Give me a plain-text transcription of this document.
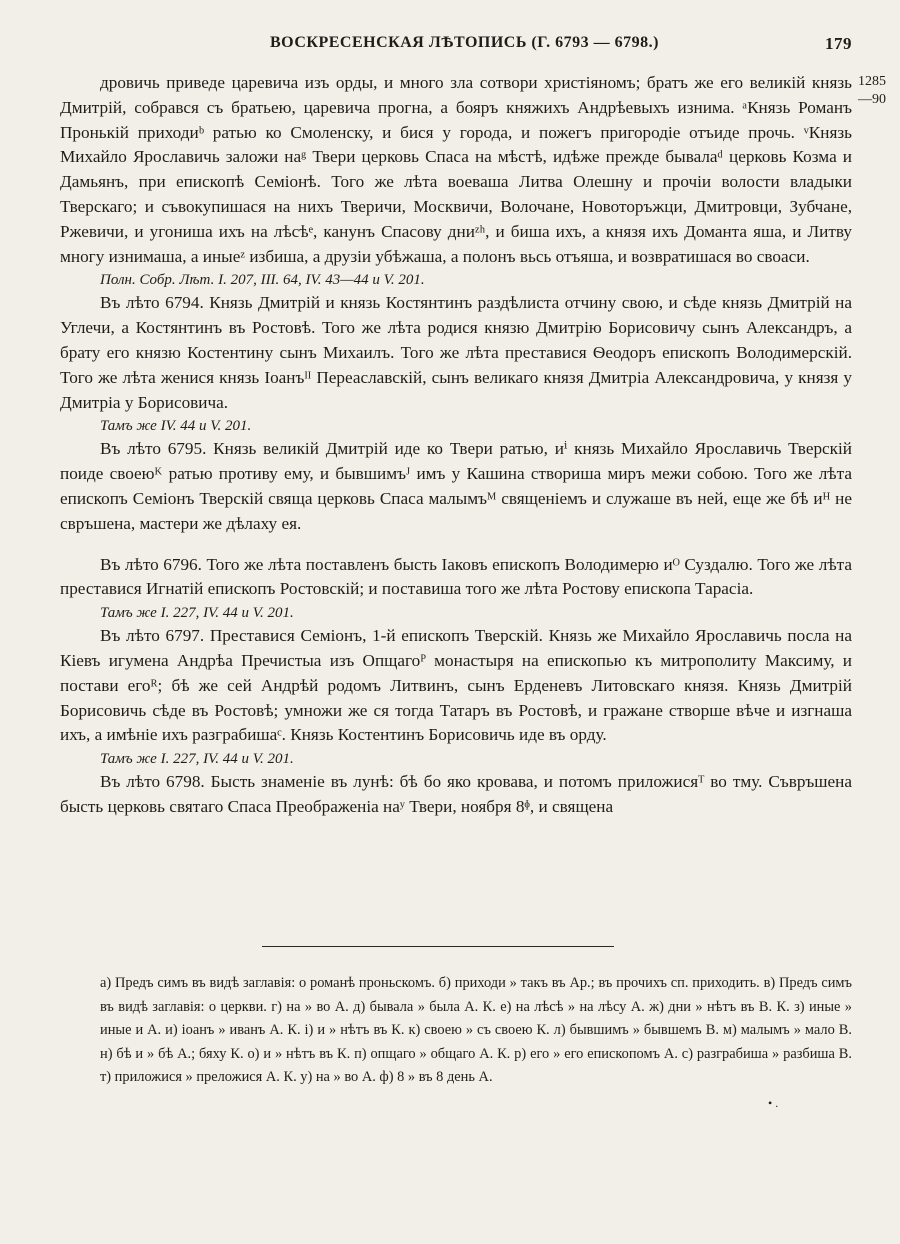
ВОСКРЕСЕНСКАЯ ЛѢТОПИСЬ (Г. 6793 — 6798.)	179
1285
—90

дровичь приведе царевича изъ орды, и много зла сотвори христіяномъ; братъ же его великій князь Дмитрій, собрався съ братьею, царевича прогна, а бояръ княжихъ Андрѣевыхъ изнима. ᵃКнязь Романъ Пронькій приходиᵇ ратью ко Смоленску, и бися у города, и пожегъ пригородіе отъиде прочь. ᵛКнязь Михайло Ярославичь заложи наᵍ Твери церковь Спаса на мѣстѣ, идѣже прежде бывалаᵈ церковь Козма и Дамьянъ, при епископѣ Семіонѣ. Того же лѣта воеваша Литва Олешну и прочіи волости владыки Тверскаго; и съвокупишася на нихъ Тверичи, Москвичи, Волочане, Новоторъжци, Дмитровци, Зубчане, Ржевичи, и угониша ихъ на лѣсѣᵉ, канунъ Спасову дниᶻʰ, и биша ихъ, а князя ихъ Доманта яша, и Литву многу изнимаша, а иныеᶻ избиша, а друзіи убѣжаша, а полонъ вьсь отъяша, и возвратишася во своаси.

Полн. Собр. Лѣт. I. 207, III. 64, IV. 43—44 и V. 201.

Въ лѣто 6794. Князь Дмитрій и князь Костянтинъ раздѣлиста отчину свою, и сѣде князь Дмитрій на Углечи, а Костянтинъ въ Ростовѣ. Того же лѣта родися князю Дмитрію Борисовичу сынъ Александръ, а брату его князю Костентину сынъ Михаилъ. Того же лѣта преставися Ѳеодоръ епископъ Володимерскій. Того же лѣта женися князь Іоанъᴵᴵ Переаславскій, сынъ великаго князя Дмитріа Александровича, у князя у Дмитріа у Борисовича.

Тамъ же IV. 44 и V. 201.

Въ лѣто 6795. Князь великій Дмитрій иде ко Твери ратью, иⁱ князь Михайло Ярославичь Тверскій поиде своеюᴷ ратью противу ему, и бывшимъᴶ имъ у Кашина створиша миръ межи собою. Того же лѣта епископъ Семіонъ Тверскій свяща церковь Спаса малымъᴹ священіемъ и служаше въ ней, еще же бѣ иᴴ не свръшена, мастери же дѣлаху ея.

Въ лѣто 6796. Того же лѣта поставленъ бысть Іаковъ епископъ Володимерю иᴼ Суздалю. Того же лѣта преставися Игнатій епископъ Ростовскій; и поставиша того же лѣта Ростову епископа Тарасіа.

Тамъ же I. 227, IV. 44 и V. 201.

Въ лѣто 6797. Преставися Семіонъ, 1-й епископъ Тверскій. Князь же Михайло Ярославичь посла на Кіевъ игумена Андрѣа Пречистыа изъ Опщагоᴾ монастыря на епископью къ митрополиту Максиму, и постави егоᴿ; бѣ же сей Андрѣй родомъ Литвинъ, сынъ Ерденевъ Литовскаго князя. Князь Дмитрій Борисовичь сѣде въ Ростовѣ; умножи же ся тогда Татаръ въ Ростовѣ, и гражане створше вѣче и изгнаша ихъ, а имѣніе ихъ разграбишаᶜ. Князь Костентинъ Борисовичь иде въ орду.

Тамъ же I. 227, IV. 44 и V. 201.

Въ лѣто 6798. Бысть знаменіе въ лунѣ: бѣ бо яко кровава, и потомъ приложисяᵀ во тму. Съвръшена бысть церковь святаго Спаса Преображеніа наʸ Твери, ноября 8ᶲ, и священа

а) Предъ симъ въ видѣ заглавія: о романѣ проньскомъ. б) приходи » такъ въ Ар.; въ прочихъ сп. приходить. в) Предъ симъ въ видѣ заглавія: о церкви. г) на » во А. д) бывала » была А. К. е) на лѣсѣ » на лѣсу А. ж) дни » нѣтъ въ В. К. з) иные » иные и А. и) іоанъ » иванъ А. К. і) и » нѣтъ въ К. к) своею » съ своею К. л) бывшимъ » бывшемъ В. м) малымъ » мало В. н) бѣ и » бѣ А.; бяху К. о) и » нѣтъ въ К. п) опщаго » общаго А. К. р) его » его епископомъ А. с) разграбиша » разбиша В. т) приложися » преложися А. К. у) на » во А. ф) 8 » въ 8 день А.

• .
